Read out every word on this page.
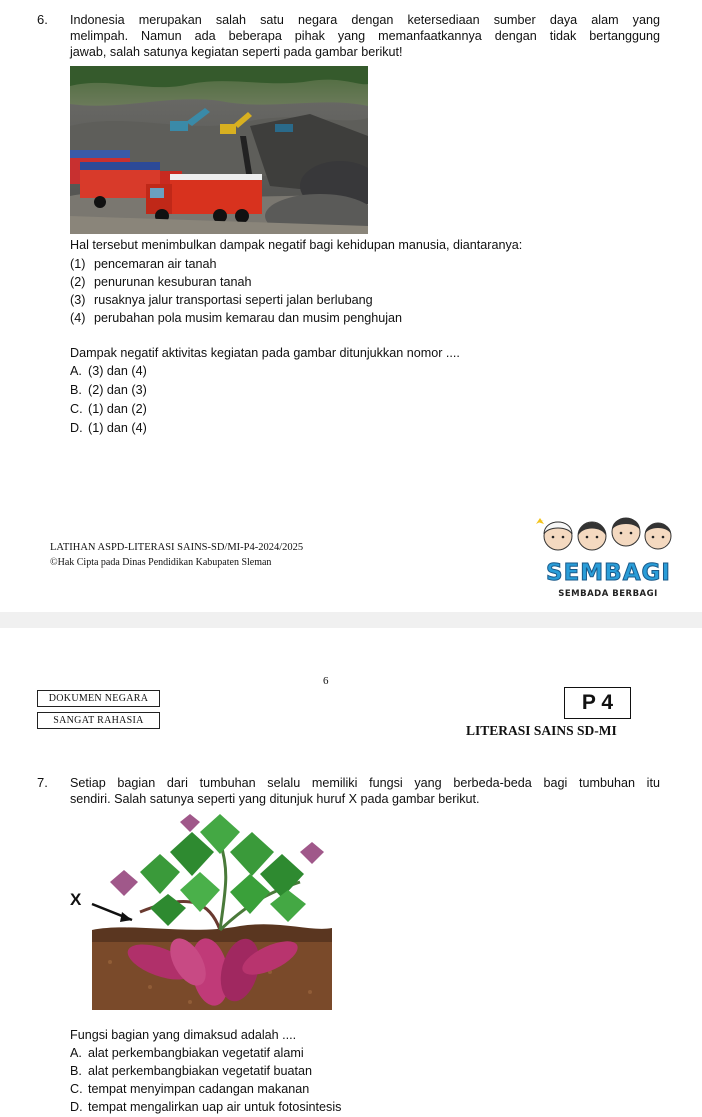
6. Indonesia merupakan salah satu negara dengan ketersediaan sumber daya alam yang
melimpah. Namun ada beberapa pihak yang memanfaatkannya dengan tidak bertanggung
jawab, salah satunya kegiatan seperti pada gambar berikut!
Hal tersebut menimbulkan dampak negatif bagi kehidupan manusia, diantaranya:
(1) pencemaran air tanah
(2) penurunan kesuburan tanah
(3) rusaknya jalur transportasi seperti jalan berlubang
(4) perubahan pola musim kemarau dan musim penghujan
Dampak negatif aktivitas kegiatan pada gambar ditunjukkan nomor ....
A. (3) dan (4)
B. (2) dan (3)
C. (1) dan (2)
D. (1) dan (4)
LATIHAN ASPD-LITERASI SAINS-SD/MI-P4-2024/2025
©Hak Cipta pada Dinas Pendidikan Kabupaten Sleman	SEMBAGI
SEMBADA BERBAGI
6
DOKUMEN NEGARA
SANGAT RAHASIA
P 4
LITERASI SAINS SD-MI
7. Setiap bagian dari tumbuhan selalu memiliki fungsi yang berbeda-beda bagi tumbuhan itu
sendiri. Salah satunya seperti yang ditunjuk huruf X pada gambar berikut.
X
Fungsi bagian yang dimaksud adalah ....
A. alat perkembangbiakan vegetatif alami
B. alat perkembangbiakan vegetatif buatan
C. tempat menyimpan cadangan makanan
D. tempat mengalirkan uap air untuk fotosintesis
